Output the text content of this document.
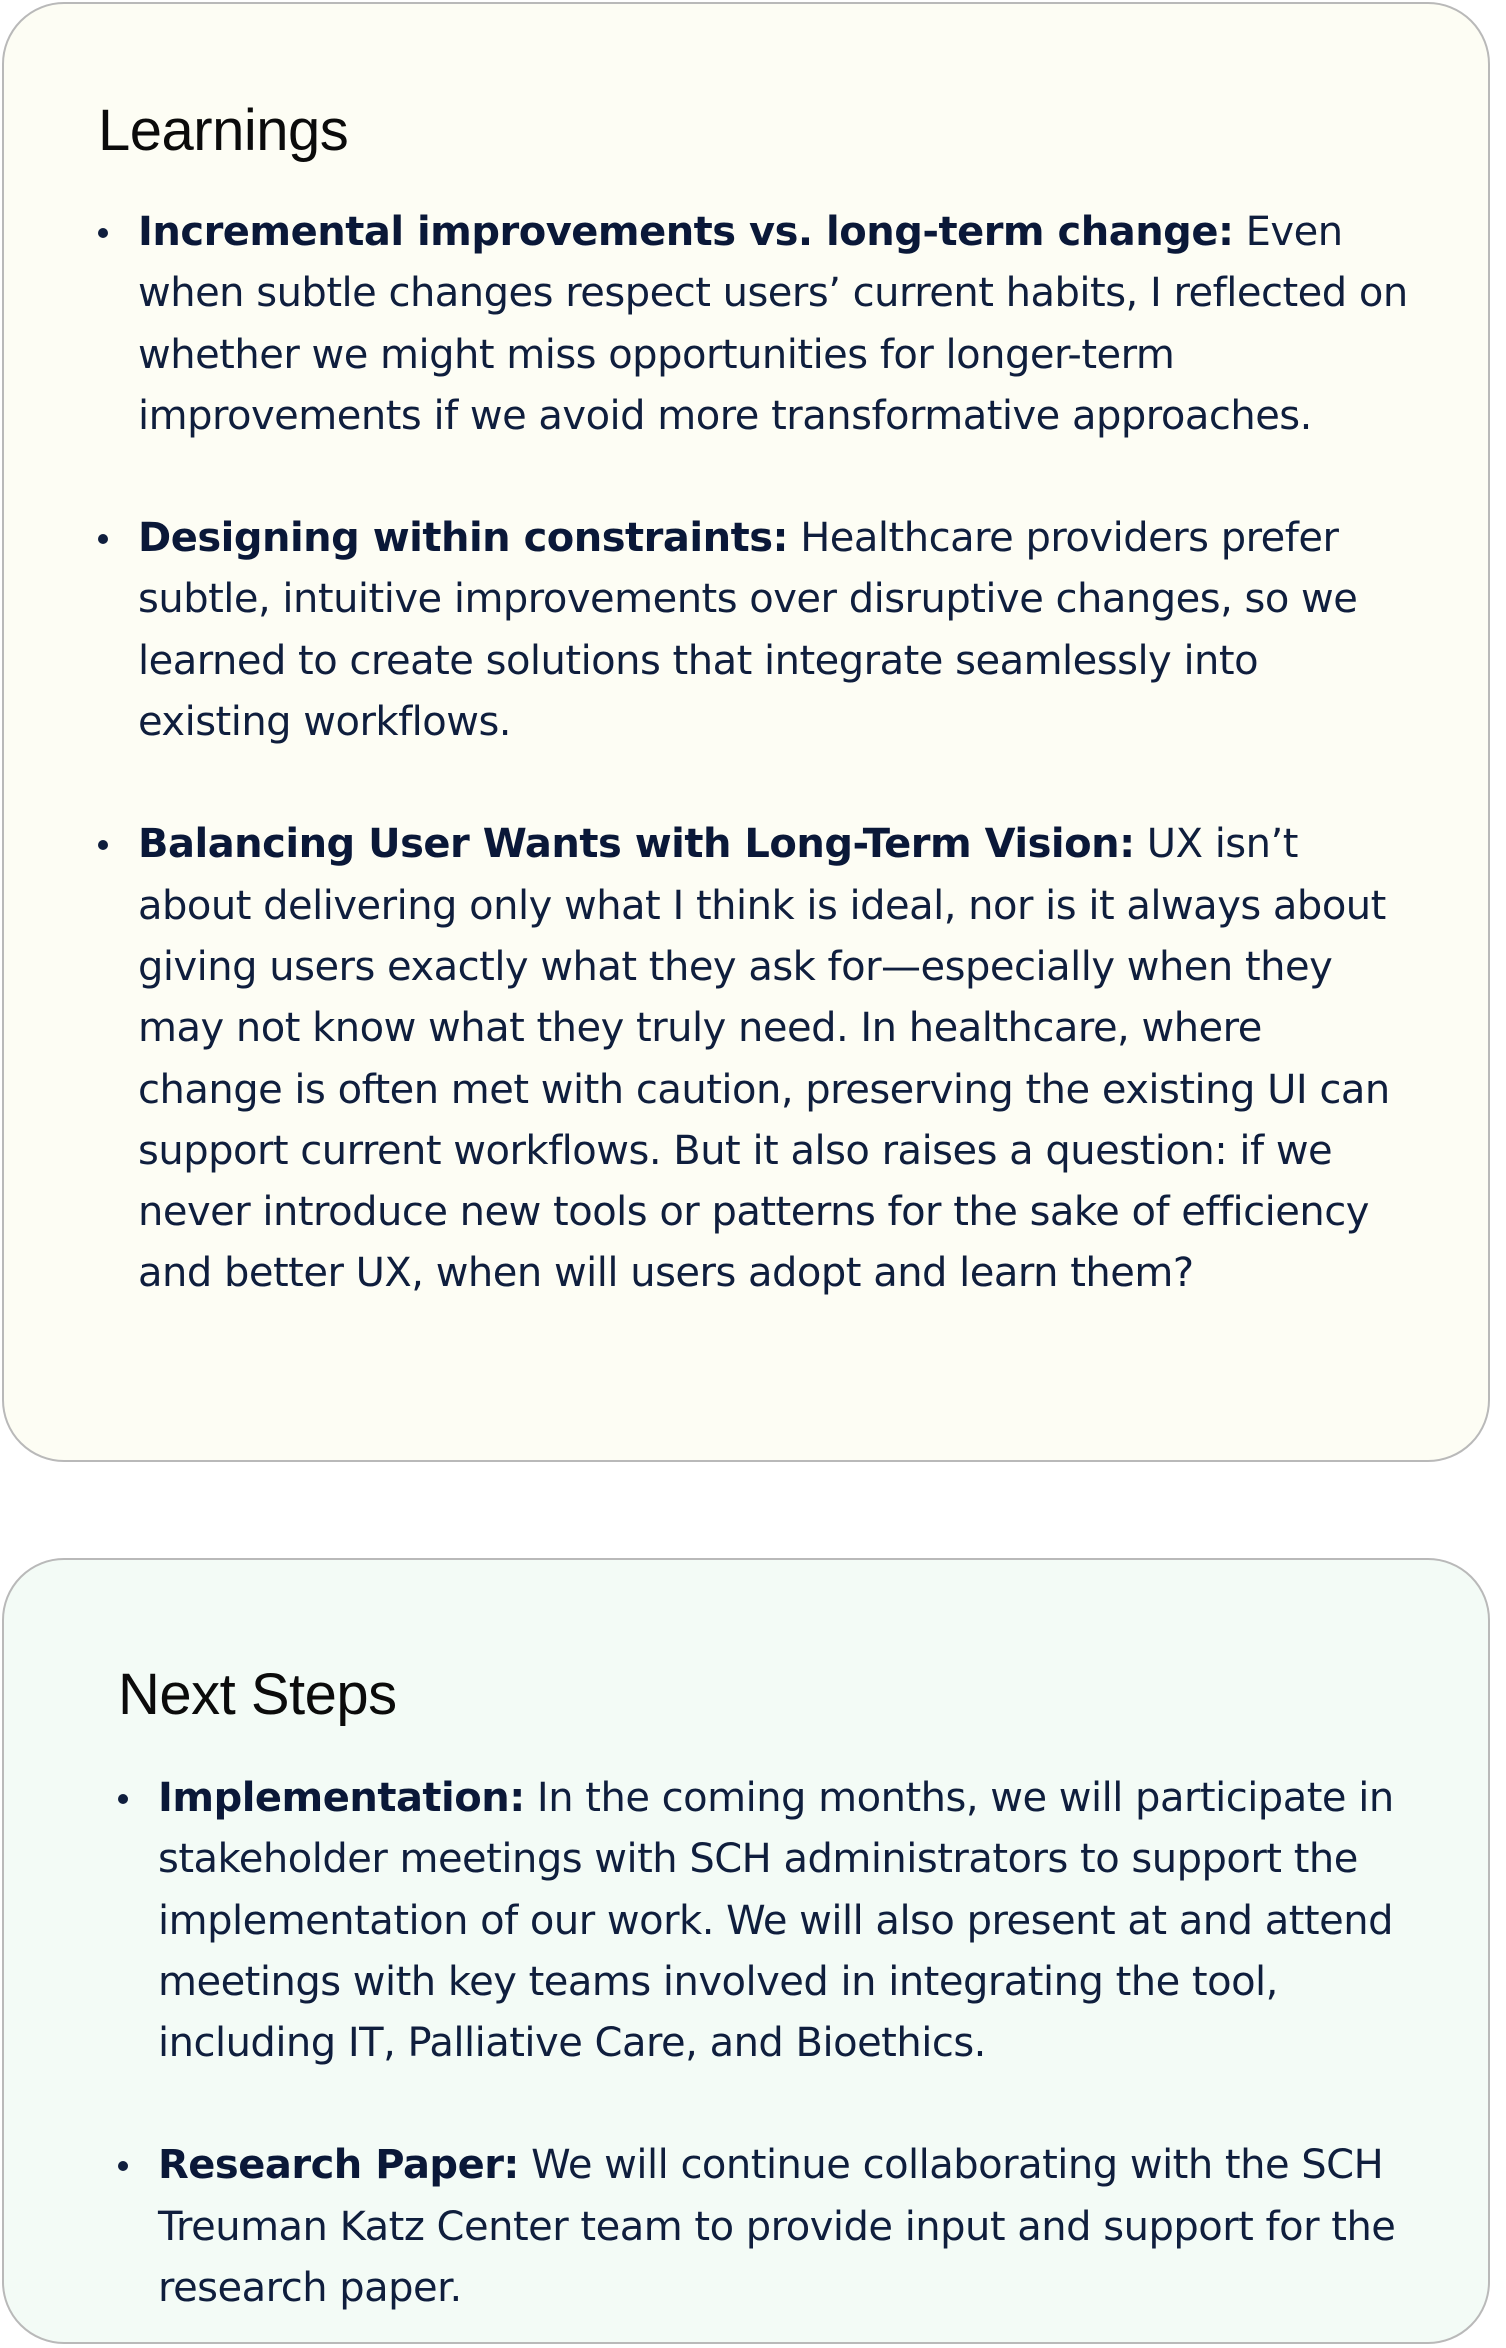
Learnings
Incremental improvements vs. long-term change: Even when subtle changes respect users’ current habits, I reflected on whether we might miss opportunities for longer-term improvements if we avoid more transformative approaches.
Designing within constraints: Healthcare providers prefer subtle, intuitive improvements over disruptive changes, so we learned to create solutions that integrate seamlessly into existing workflows.
Balancing User Wants with Long-Term Vision: UX isn’t about delivering only what I think is ideal, nor is it always about giving users exactly what they ask for—especially when they may not know what they truly need. In healthcare, where change is often met with caution, preserving the existing UI can support current workflows. But it also raises a question: if we never introduce new tools or patterns for the sake of efficiency and better UX, when will users adopt and learn them?
Next Steps
Implementation: In the coming months, we will participate in stakeholder meetings with SCH administrators to support the implementation of our work. We will also present at and attend meetings with key teams involved in integrating the tool, including IT, Palliative Care, and Bioethics.
Research Paper: We will continue collaborating with the SCH Treuman Katz Center team to provide input and support for the research paper.
